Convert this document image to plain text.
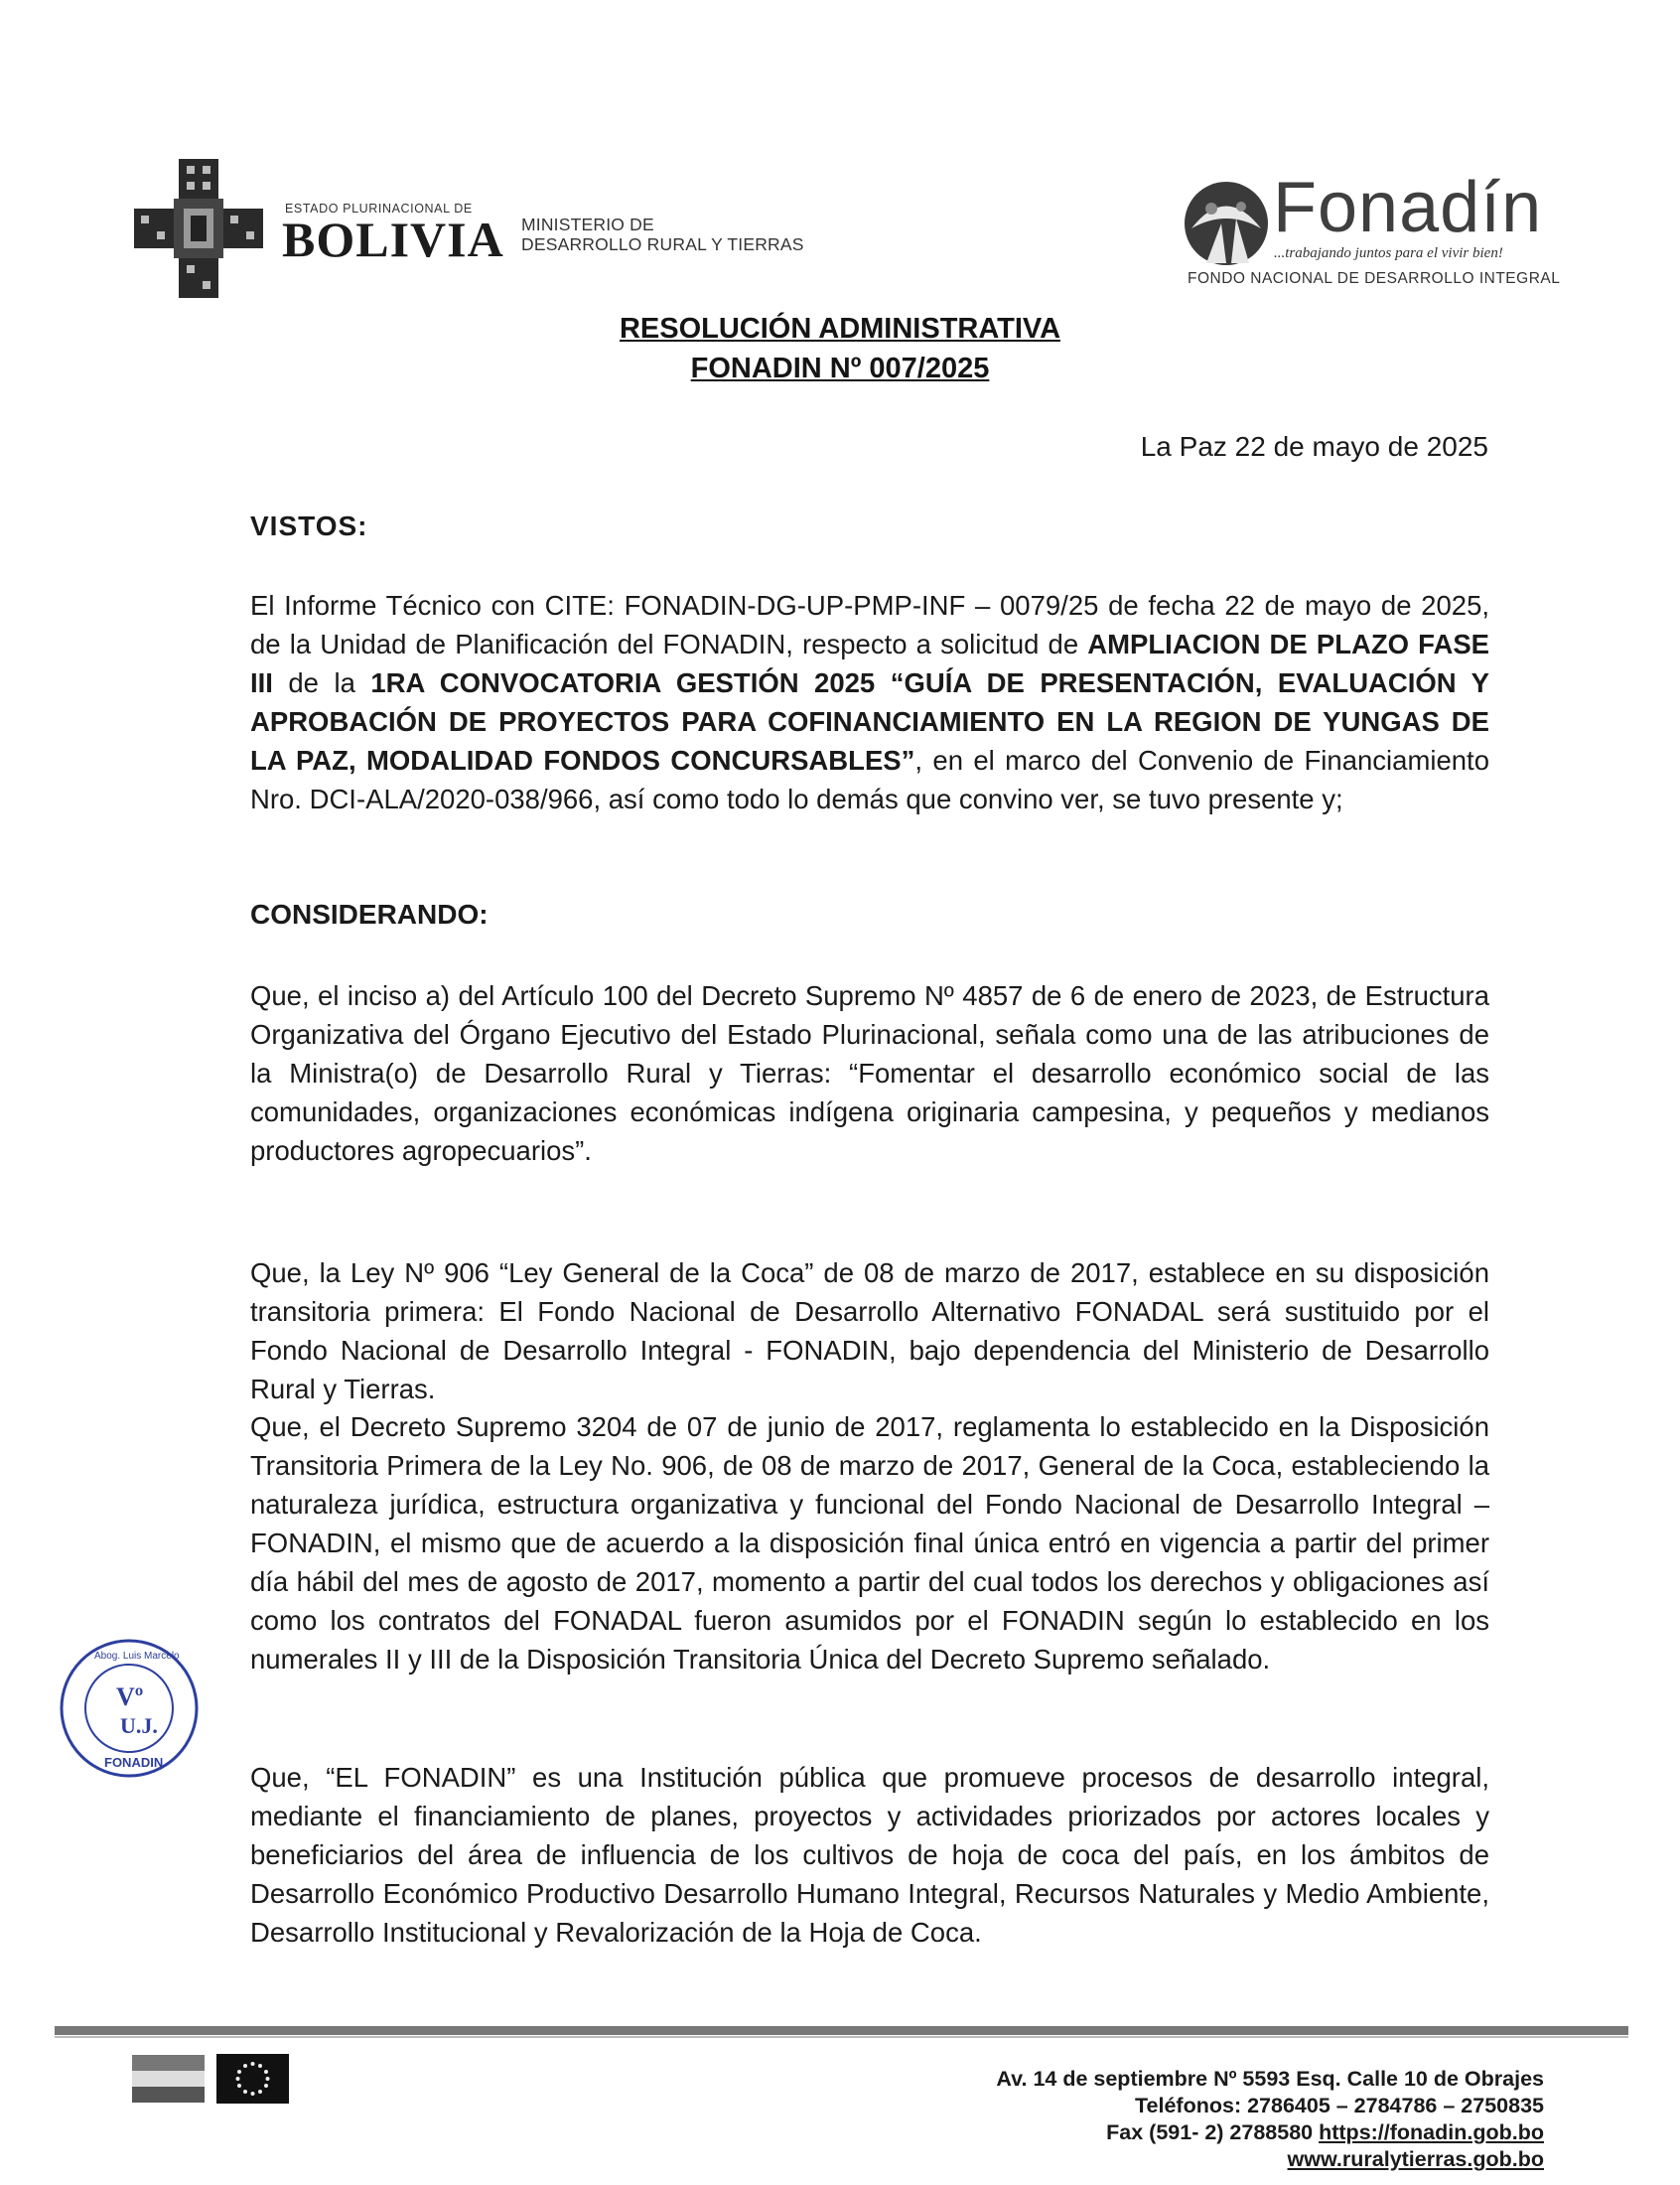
ESTADO PLURINACIONAL DE
BOLIVIA MINISTERIO DE
DESARROLLO RURAL Y TIERRAS	Fonadín
...trabajando juntos para el vivir bien!
FONDO NACIONAL DE DESARROLLO INTEGRAL
RESOLUCIÓN ADMINISTRATIVA
FONADIN Nº 007/2025
La Paz 22 de mayo de 2025
VISTOS:
El Informe Técnico con CITE: FONADIN-DG-UP-PMP-INF – 0079/25 de fecha 22 de mayo de 2025, de la Unidad de Planificación del FONADIN, respecto a solicitud de AMPLIACION DE PLAZO FASE III de la 1RA CONVOCATORIA GESTIÓN 2025 “GUÍA DE PRESENTACIÓN, EVALUACIÓN Y APROBACIÓN DE PROYECTOS PARA COFINANCIAMIENTO EN LA REGION DE YUNGAS DE LA PAZ, MODALIDAD FONDOS CONCURSABLES”, en el marco del Convenio de Financiamiento Nro. DCI-ALA/2020-038/966, así como todo lo demás que convino ver, se tuvo presente y;
CONSIDERANDO:
Que, el inciso a) del Artículo 100 del Decreto Supremo Nº 4857 de 6 de enero de 2023, de Estructura Organizativa del Órgano Ejecutivo del Estado Plurinacional, señala como una de las atribuciones de la Ministra(o) de Desarrollo Rural y Tierras: “Fomentar el desarrollo económico social de las comunidades, organizaciones económicas indígena originaria campesina, y pequeños y medianos productores agropecuarios”.
Que, la Ley Nº 906 “Ley General de la Coca” de 08 de marzo de 2017, establece en su disposición transitoria primera: El Fondo Nacional de Desarrollo Alternativo FONADAL será sustituido por el Fondo Nacional de Desarrollo Integral - FONADIN, bajo dependencia del Ministerio de Desarrollo Rural y Tierras.
Que, el Decreto Supremo 3204 de 07 de junio de 2017, reglamenta lo establecido en la Disposición Transitoria Primera de la Ley No. 906, de 08 de marzo de 2017, General de la Coca, estableciendo la naturaleza jurídica, estructura organizativa y funcional del Fondo Nacional de Desarrollo Integral – FONADIN, el mismo que de acuerdo a la disposición final única entró en vigencia a partir del primer día hábil del mes de agosto de 2017, momento a partir del cual todos los derechos y obligaciones así como los contratos del FONADAL fueron asumidos por el FONADIN según lo establecido en los numerales II y III de la Disposición Transitoria Única del Decreto Supremo señalado.
Que, “EL FONADIN” es una Institución pública que promueve procesos de desarrollo integral, mediante el financiamiento de planes, proyectos y actividades priorizados por actores locales y beneficiarios del área de influencia de los cultivos de hoja de coca del país, en los ámbitos de Desarrollo Económico Productivo Desarrollo Humano Integral, Recursos Naturales y Medio Ambiente, Desarrollo Institucional y Revalorización de la Hoja de Coca.
Vº
U.J.
FONADIN
Abog. Luis Marcelo
Av. 14 de septiembre Nº 5593 Esq. Calle 10 de Obrajes
Teléfonos: 2786405 – 2784786 – 2750835
Fax (591- 2) 2788580 https://fonadin.gob.bo
www.ruralytierras.gob.bo
